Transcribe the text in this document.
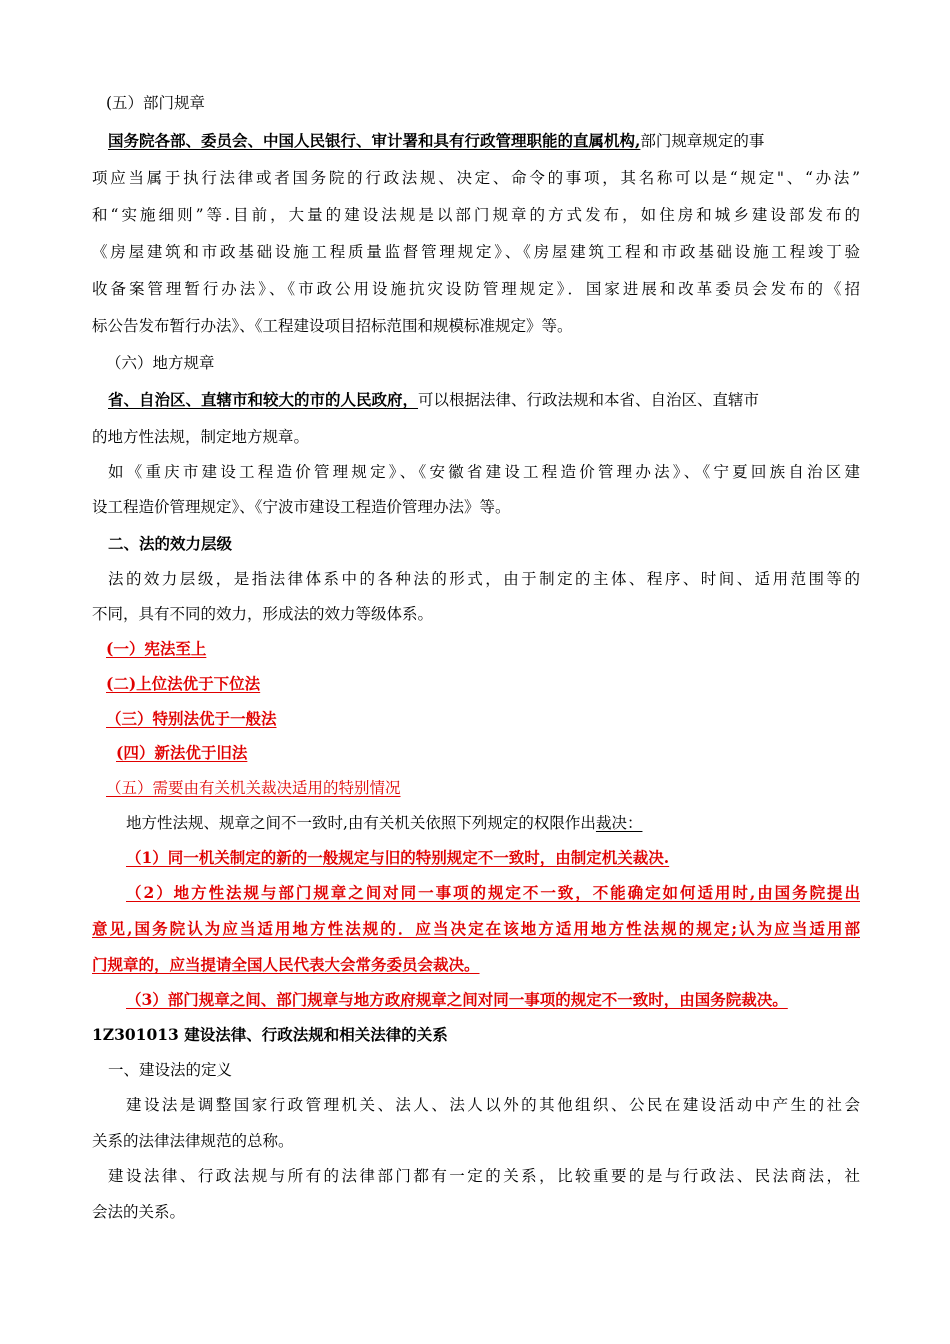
(五）部门规章
国务院各部、委员会、中国人民银行、审计署和具有行政管理职能的直属机构,部门规章规定的事
项应当属于执行法律或者国务院的行政法规、决定、命令的事项，其名称可以是“规定"、“办法”
和“实施细则”等.目前，大量的建设法规是以部门规章的方式发布，如住房和城乡建设部发布的
《房屋建筑和市政基础设施工程质量监督管理规定》、《房屋建筑工程和市政基础设施工程竣丁验
收备案管理暂行办法》、《市政公用设施抗灾设防管理规定》．国家进展和改革委员会发布的《招
标公告发布暂行办法》、《工程建设项目招标范围和规模标准规定》等。
（六）地方规章
省、自治区、直辖市和较大的市的人民政府，可以根据法律、行政法规和本省、自治区、直辖市
的地方性法规，制定地方规章。
如《重庆市建设工程造价管理规定》、《安徽省建设工程造价管理办法》、《宁夏回族自治区建
设工程造价管理规定》、《宁波市建设工程造价管理办法》等。
二、法的效力层级
法的效力层级，是指法律体系中的各种法的形式，由于制定的主体、程序、时间、适用范围等的
不同，具有不同的效力，形成法的效力等级体系。
(一）宪法至上
(二)上位法优于下位法
（三）特别法优于一般法
(四）新法优于旧法
（五）需要由有关机关裁决适用的特别情况
地方性法规、规章之间不一致时,由有关机关依照下列规定的权限作出裁决：
（1）同一机关制定的新的一般规定与旧的特别规定不一致时，由制定机关裁决.
（2）地方性法规与部门规章之间对同一事项的规定不一致，不能确定如何适用时,由国务院提出
意见,国务院认为应当适用地方性法规的．应当决定在该地方适用地方性法规的规定;认为应当适用部
门规章的，应当提请全国人民代表大会常务委员会裁决。
（3）部门规章之间、部门规章与地方政府规章之间对同一事项的规定不一致时，由国务院裁决。
1Z301013 建设法律、行政法规和相关法律的关系
一、建设法的定义
建设法是调整国家行政管理机关、法人、法人以外的其他组织、公民在建设活动中产生的社会
关系的法律法律规范的总称。
建设法律、行政法规与所有的法律部门都有一定的关系，比较重要的是与行政法、民法商法，社
会法的关系。
